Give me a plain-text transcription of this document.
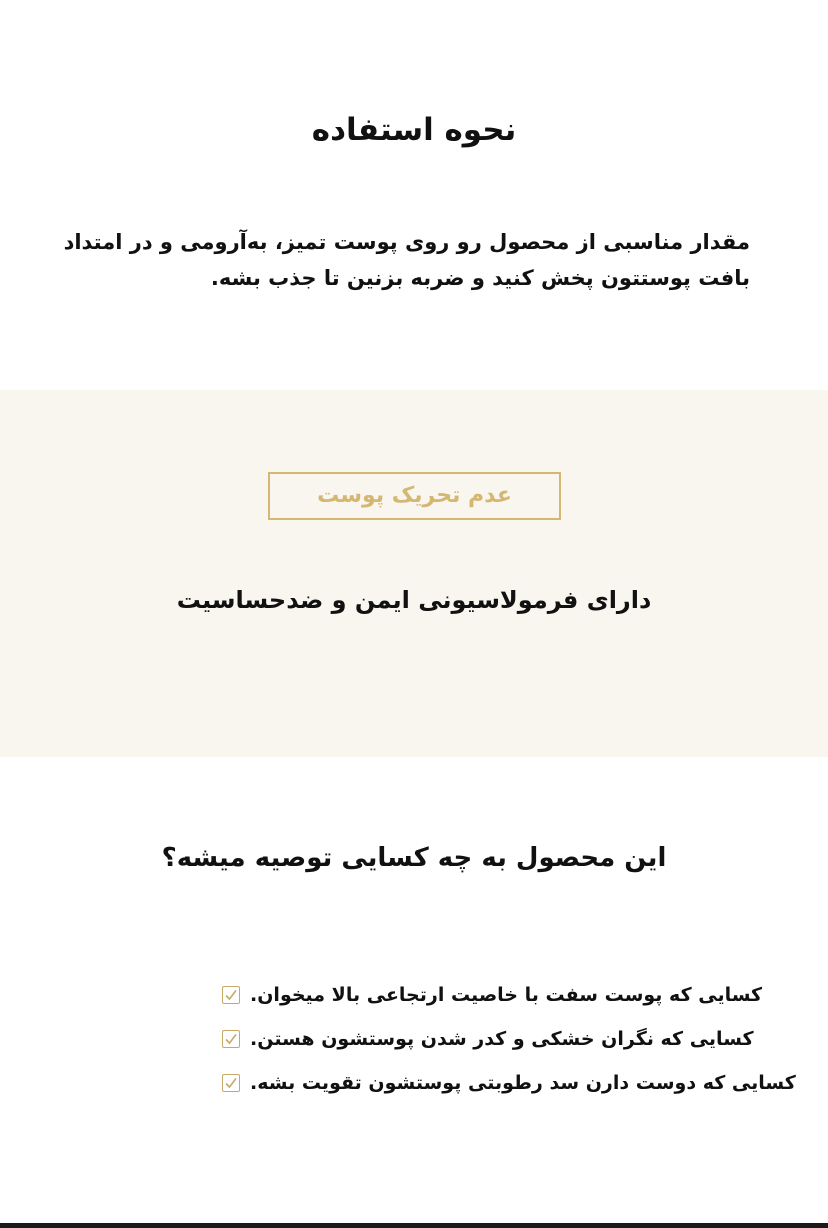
نحوه استفاده

مقدار مناسبی از محصول رو روی پوست تمیز، به‌آرومی و در امتداد بافت پوستتون پخش کنید و ضربه بزنین تا جذب بشه.

عدم تحریک پوست

دارای فرمولاسیونی ایمن و ضدحساسیت

این محصول به چه کسایی توصیه میشه؟
کسایی که پوست سفت با خاصیت ارتجاعی بالا میخوان.
کسایی که نگران خشکی و کدر شدن پوستشون هستن.
کسایی که دوست دارن سد رطوبتی پوستشون تقویت بشه.
